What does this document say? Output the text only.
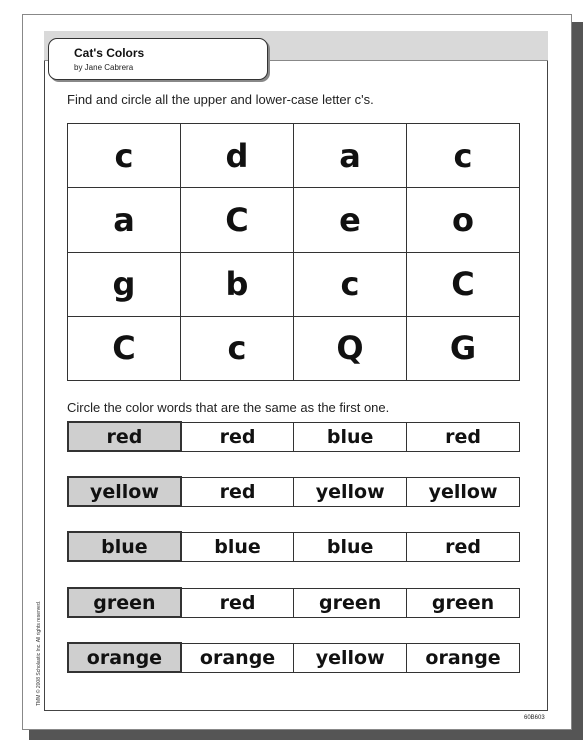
Cat's Colors
by Jane Cabrera
Find and circle all the upper and lower-case letter c's.
c	d	a	c
a	C	e	o
g	b	c	C
C	c	Q	G
Circle the color words that are the same as the first one.
red	red	blue	red
yellow	red	yellow	yellow
blue	blue	blue	red
green	red	green	green
orange	orange	yellow	orange
TMM © 2008 Scholastic Inc. All rights reserved.
60B603
